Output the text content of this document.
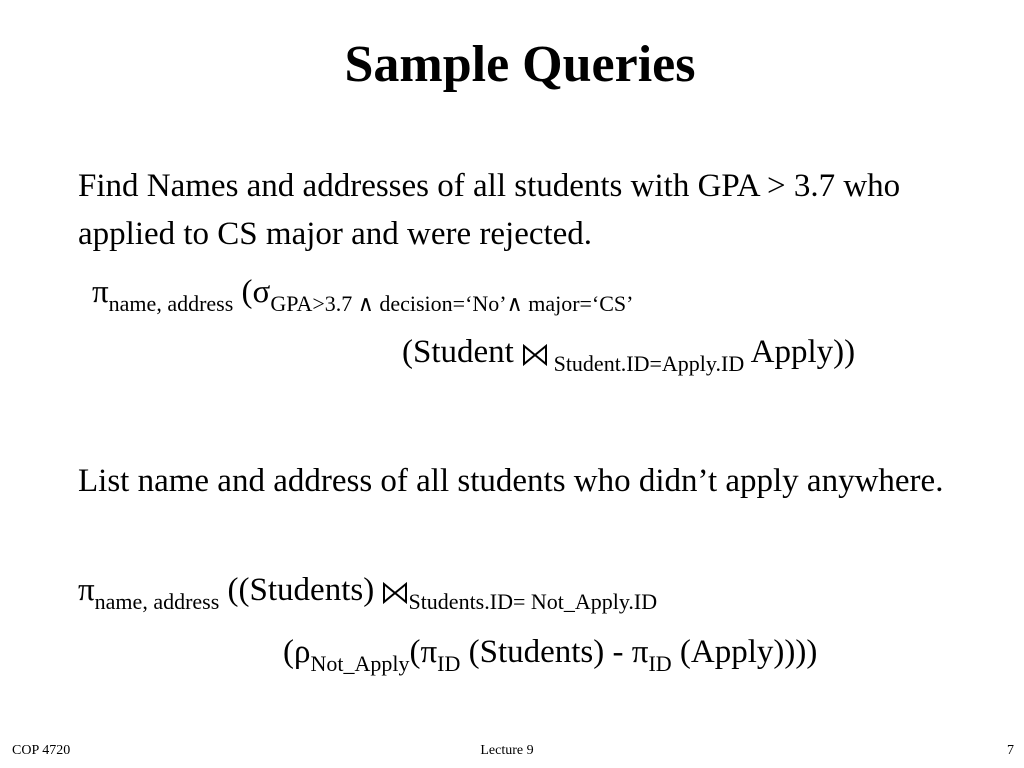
Sample Queries
Find Names and addresses of all students with GPA > 3.7 who applied to CS major and were rejected.
$\pi_{name, address}$ ($\sigma_{GPA>3.7 \wedge decision=‘No’\wedge major=‘CS’}$
(Student  $_{Student.ID=Apply.ID}$ Apply))
List name and address of all students who didn’t apply anywhere.
$\pi_{name, address}$ ((Students) $_{Students.ID= Not\_Apply.ID}$
($\rho_{Not\_Apply}(\pi_{ID}$ (Students) - $\pi_{ID}$ (Apply))))
COP 4720	Lecture 9	7
